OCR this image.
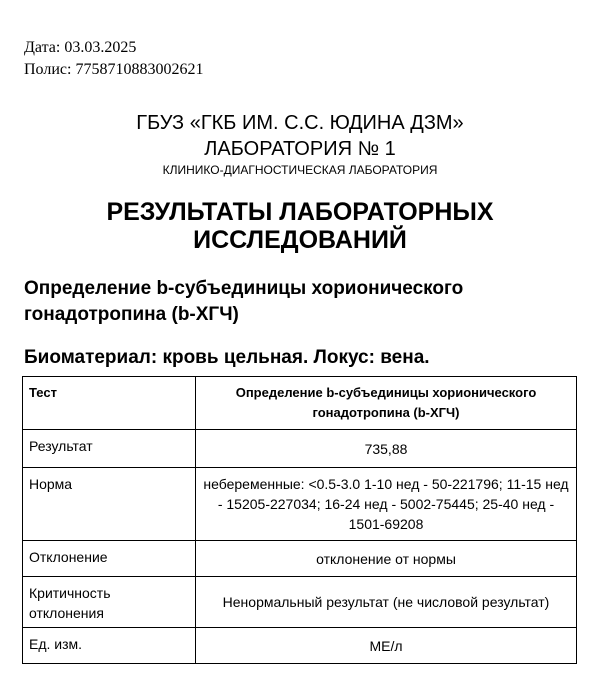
Дата: 03.03.2025
Полис: 7758710883002621
ГБУЗ «ГКБ ИМ. С.С. ЮДИНА ДЗМ»
ЛАБОРАТОРИЯ № 1
КЛИНИКО-ДИАГНОСТИЧЕСКАЯ ЛАБОРАТОРИЯ
РЕЗУЛЬТАТЫ ЛАБОРАТОРНЫХ
ИССЛЕДОВАНИЙ
Определение b-субъединицы хорионического
гонадотропина (b-ХГЧ)
Биоматериал: кровь цельная. Локус: вена.
Тест	Определение b-субъединицы хорионического гонадотропина (b-ХГЧ)
Результат	735,88
Норма	небеременные: <0.5-3.0 1-10 нед - 50-221796; 11-15 нед - 15205-227034; 16-24 нед - 5002-75445; 25-40 нед - 1501-69208
Отклонение	отклонение от нормы
Критичность отклонения	Ненормальный результат (не числовой результат)
Ед. изм.	МЕ/л
